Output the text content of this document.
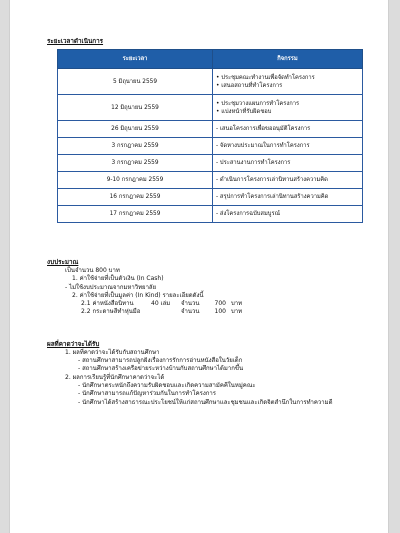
ระยะเวลาดำเนินการ

ระยะเวลา	กิจกรรม
5 มิถุนายน 2559	• ประชุมคณะทำงานเพื่อจัดทำโครงการ
• เสนอสถานที่ทำโครงการ

12 มิถุนายน 2559	• ประชุมวางแผนการทำโครงการ
• แบ่งหน้าที่รับผิดชอบ

26 มิถุนายน 2559	- เสนอโครงการเพื่อขออนุมัติโครงการ
3 กรกฎาคม 2559	- จัดหางบประมาณในการทำโครงการ
3 กรกฎาคม 2559	- ประสานงานการทำโครงการ
9-10 กรกฎาคม 2559	- ดำเนินการโครงการเล่านิทานสร้างความคิด
16 กรกฎาคม 2559	- สรุปการทำโครงการเล่านิทานสร้างความคิด
17 กรกฎาคม 2559	- ส่งโครงการฉบับสมบูรณ์

งบประมาณ

เป็นจำนวน 800 บาท
1. ค่าใช้จ่ายที่เป็นตัวเงิน (In Cash)
- ไม่ใช้งบประมาณจากมหาวิทยาลัย
2. ค่าใช้จ่ายที่เป็นมูลค่า (In Kind) รายละเอียดดังนี้
2.1 ค่าหนังสือนิทาน	40 เล่ม จำนวน	700 บาท
2.2 กระดาษสีทำหุ่นมือ	จำนวน	100 บาท

ผลที่คาดว่าจะได้รับ

1. ผลที่คาดว่าจะได้รับกับสถานศึกษา
- สถานศึกษาสามารถปลูกฝังเรื่องการรักการอ่านหนังสือในวัยเด็ก
- สถานศึกษาสร้างเครือข่ายระหว่างบ้านกับสถานศึกษาได้มากขึ้น
2. ผลการเรียนรู้ที่นักศึกษาคาดว่าจะได้
- นักศึกษาตระหนักถึงความรับผิดชอบและเกิดความสามัคคีในหมู่คณะ
- นักศึกษาสามารถแก้ปัญหาร่วมกันในการทำโครงการ
- นักศึกษาได้สร้างสาธารณะประโยชน์ให้แก่สถานศึกษาและชุมชนและเกิดจิตสำนึกในการทำความดี
